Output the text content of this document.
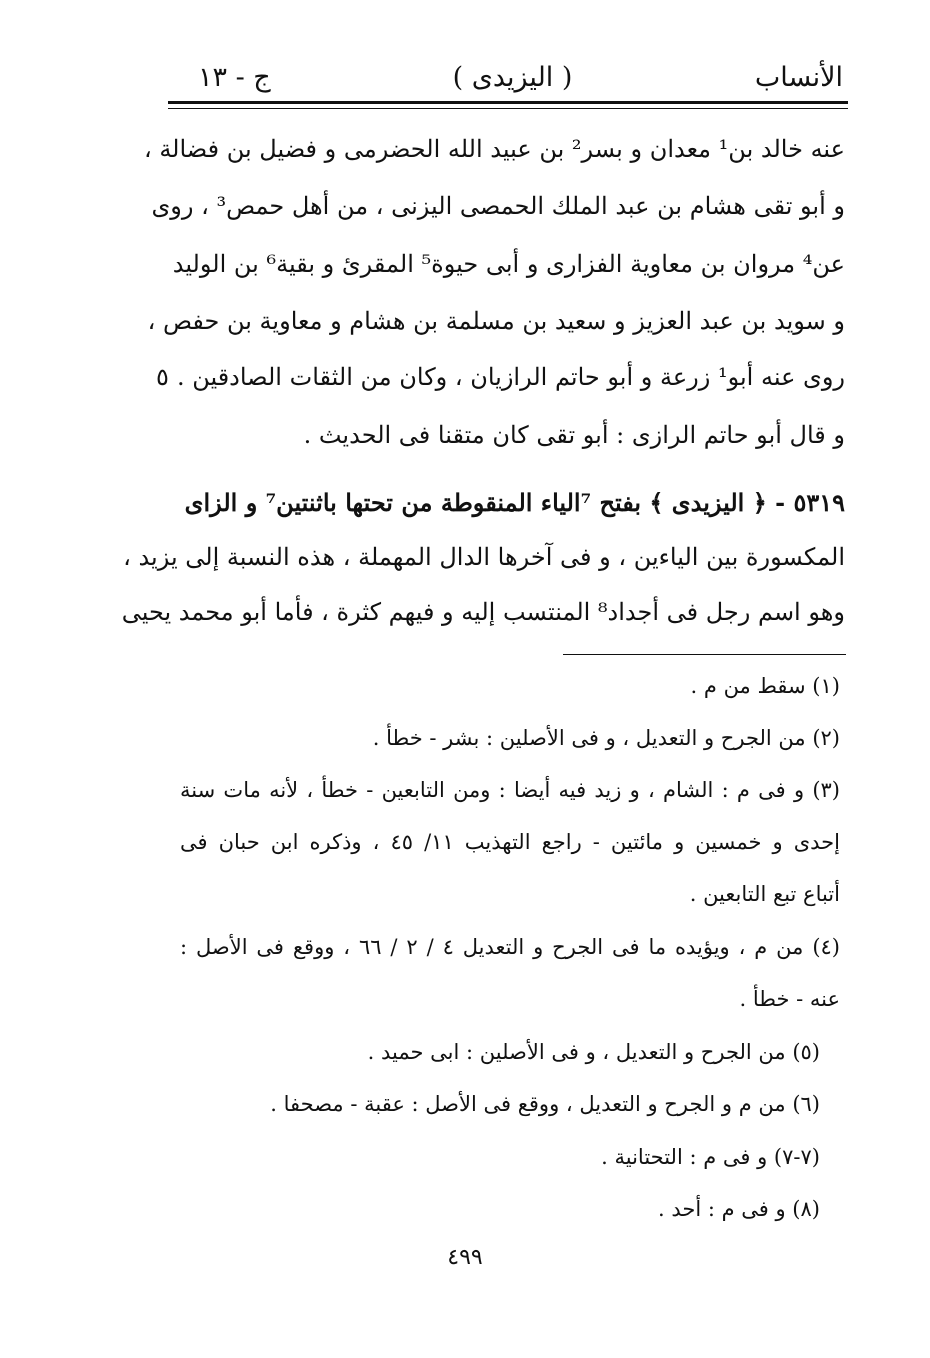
الأنساب
( اليزيدى )
ج - ١٣
عنه خالد بن¹ معدان و بسر² بن عبيد الله الحضرمى و فضيل بن فضالة ،
و أبو تقى هشام بن عبد الملك الحمصى اليزنى ، من أهل حمص³ ، روى
عن⁴ مروان بن معاوية الفزارى و أبى حيوة⁵ المقرئ و بقية⁶ بن الوليد
و سويد بن عبد العزيز و سعيد بن مسلمة بن هشام و معاوية بن حفص ،
روى عنه أبو¹ زرعة و أبو حاتم الرازيان ، وكان من الثقات الصادقين .
و قال أبو حاتم الرازى : أبو تقى كان متقنا فى الحديث .
٥٣١٩ - ﴿ اليزيدى ﴾ بفتح ⁷الياء المنقوطة من تحتها باثنتين⁷ و الزاى
المكسورة بين الياءين ، و فى آخرها الدال المهملة ، هذه النسبة إلى يزيد ،
وهو اسم رجل فى أجداد⁸ المنتسب إليه و فيهم كثرة ، فأما أبو محمد يحيى
٥
(١) سقط من م .
(٢) من الجرح و التعديل ، و فى الأصلين : بشر - خطأ .
(٣) و فى م : الشام ، و زيد فيه أيضا : ومن التابعين - خطأ ، لأنه مات سنة
إحدى و خمسين و مائتين - راجع التهذيب ١١/ ٤٥ ، وذكره ابن حبان فى
أتباع تبع التابعين .
(٤) من م ، ويؤيده ما فى الجرح و التعديل ٤ / ٢ / ٦٦ ، ووقع فى الأصل :
عنه - خطأ .
(٥) من الجرح و التعديل ، و فى الأصلين : ابى حميد .
(٦) من م و الجرح و التعديل ، ووقع فى الأصل : عقبة - مصحفا .
(٧-٧) و فى م : التحتانية .
(٨) و فى م : أحد .
٤٩٩
